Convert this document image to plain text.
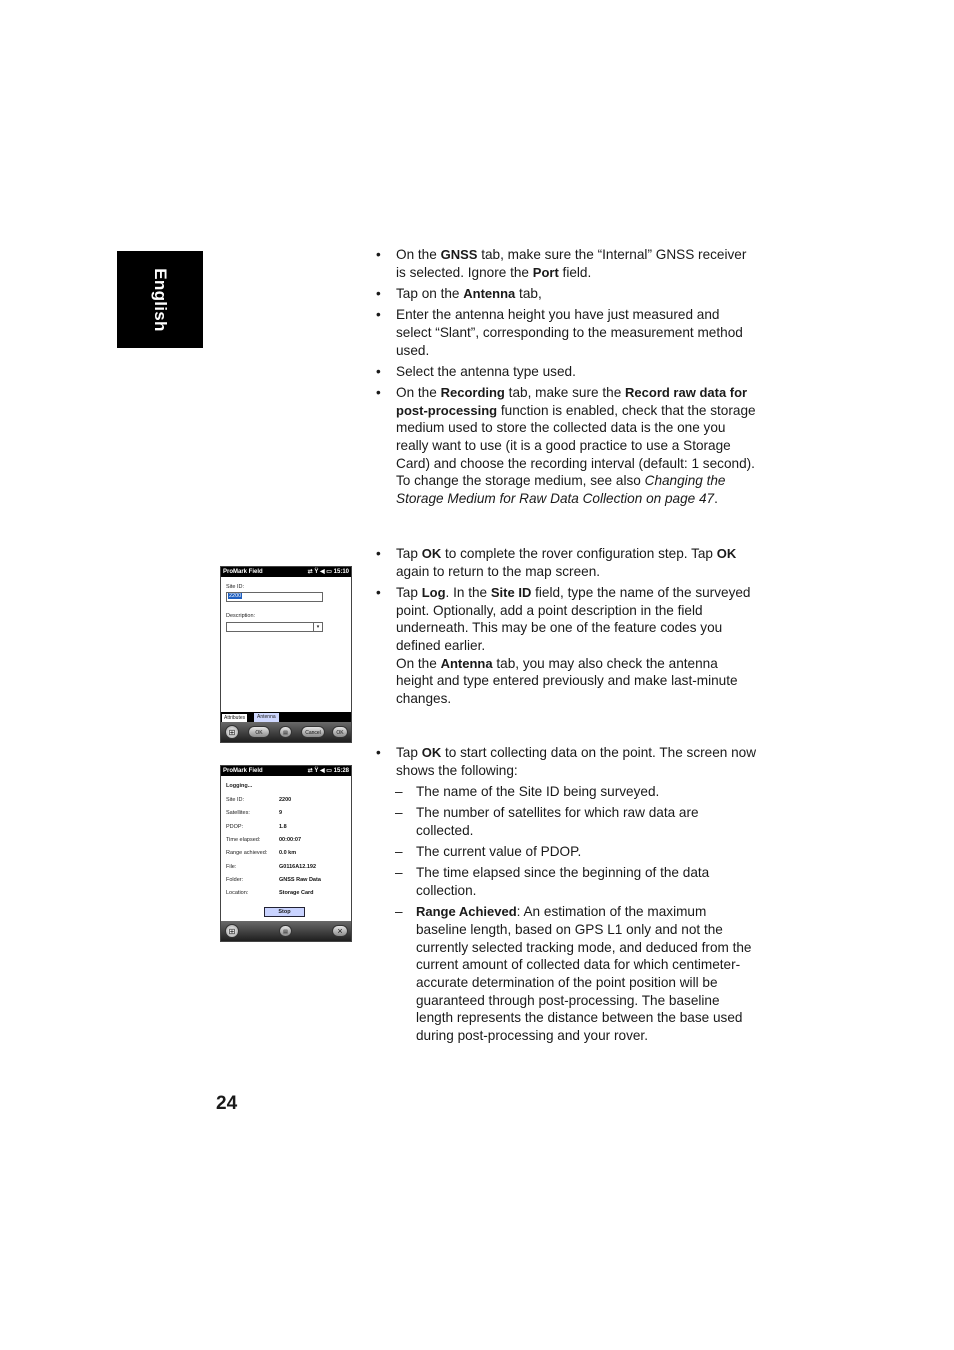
English
• On the GNSS tab, make sure the “Internal” GNSS receiver is selected. Ignore the Port field.

• Tap on the Antenna tab,

• Enter the antenna height you have just measured and select “Slant”, corresponding to the measurement method used.

• Select the antenna type used.

• On the Recording tab, make sure the Record raw data for post-processing function is enabled, check that the storage medium used to store the collected data is the one you really want to use (it is a good practice to use a Storage Card) and choose the recording interval (default: 1 second). To change the storage medium, see also Changing the Storage Medium for Raw Data Collection on page 47.

• Tap OK to complete the rover configuration step. Tap OK again to return to the map screen.

• Tap Log. In the Site ID field, type the name of the surveyed point. Optionally, add a point description in the field underneath. This may be one of the feature codes you defined earlier.

On the Antenna tab, you may also check the antenna height and type entered previously and make last-minute changes.

• Tap OK to start collecting data on the point. The screen now shows the following:

– The name of the Site ID being surveyed.

– The number of satellites for which raw data are collected.

– The current value of PDOP.

– The time elapsed since the beginning of the data collection.

– Range Achieved: An estimation of the maximum baseline length, based on GPS L1 only and not the currently selected tracking mode, and deduced from the current amount of collected data for which centimeter-accurate determination of the point position will be guaranteed through post-processing. The baseline length represents the distance between the base used during post-processing and your rover.

ProMark Field	⇄ Ÿ ◀ ▭ 15:10
Site ID:
2200
Description:
▾
Attributes	Antenna
⊞	OK	▤	Cancel	OK
ProMark Field	⇄ Ÿ ◀ ▭ 15:28
Logging...
Site ID:	2200
Satellites:	9
PDOP:	1.8
Time elapsed:	00:00:07
Range achieved: 0.0 km
File:	G0116A12.192
Folder:	GNSS Raw Data
Location:	Storage Card
Stop
⊞	▤	×
24
